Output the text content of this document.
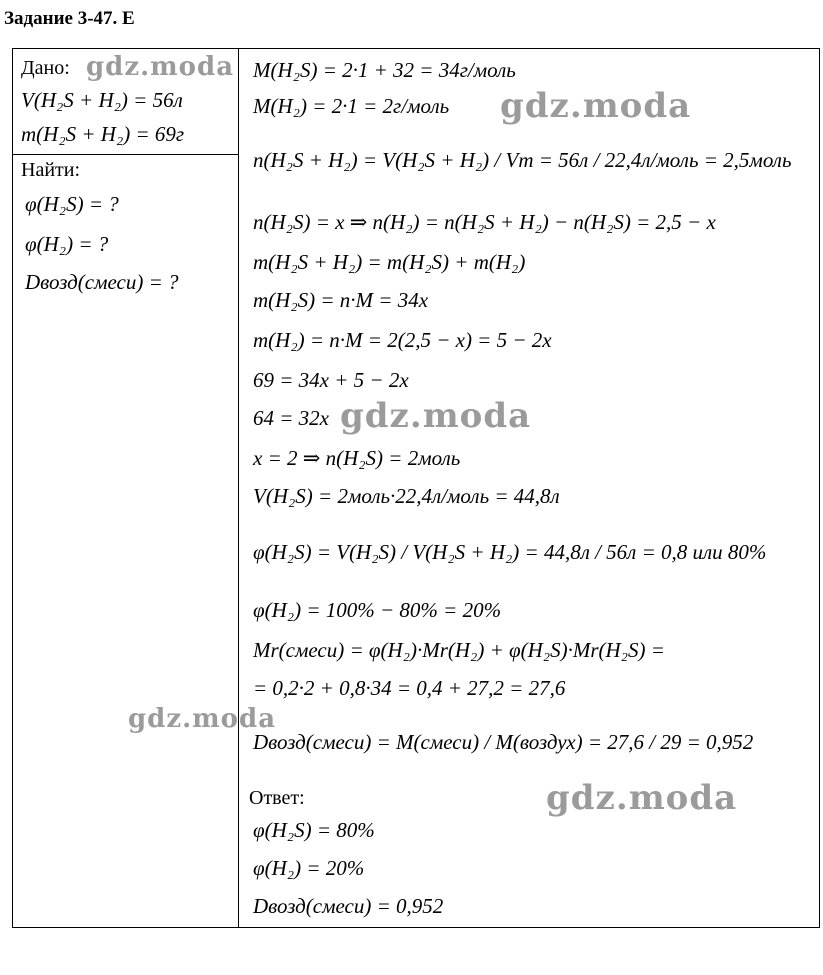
Задание 3-47. Е
Дано:
V(H₂S + H₂) = 56л
m(H₂S + H₂) = 69г
Найти:
φ(H₂S) = ?
φ(H₂) = ?
Dвозд(смеси) = ?
M(H₂S) = 2·1 + 32 = 34г/моль
M(H₂) = 2·1 = 2г/моль
n(H₂S + H₂) = V(H₂S + H₂) / Vm = 56л / 22,4л/моль = 2,5моль
n(H₂S) = x ⇒ n(H₂) = n(H₂S + H₂) − n(H₂S) = 2,5 − x
m(H₂S + H₂) = m(H₂S) + m(H₂)
m(H₂S) = n·M = 34x
m(H₂) = n·M = 2(2,5 − x) = 5 − 2x
69 = 34x + 5 − 2x
64 = 32x
x = 2 ⇒ n(H₂S) = 2моль
V(H₂S) = 2моль·22,4л/моль = 44,8л
φ(H₂S) = V(H₂S) / V(H₂S + H₂) = 44,8л / 56л = 0,8 или 80%
φ(H₂) = 100% − 80% = 20%
Mr(смеси) = φ(H₂)·Mr(H₂) + φ(H₂S)·Mr(H₂S) =
= 0,2·2 + 0,8·34 = 0,4 + 27,2 = 27,6
Dвозд(смеси) = M(смеси) / M(воздух) = 27,6 / 29 = 0,952
Ответ:
φ(H₂S) = 80%
φ(H₂) = 20%
Dвозд(смеси) = 0,952
gdz.moda
gdz.moda
gdz.moda
gdz.moda
gdz.moda
